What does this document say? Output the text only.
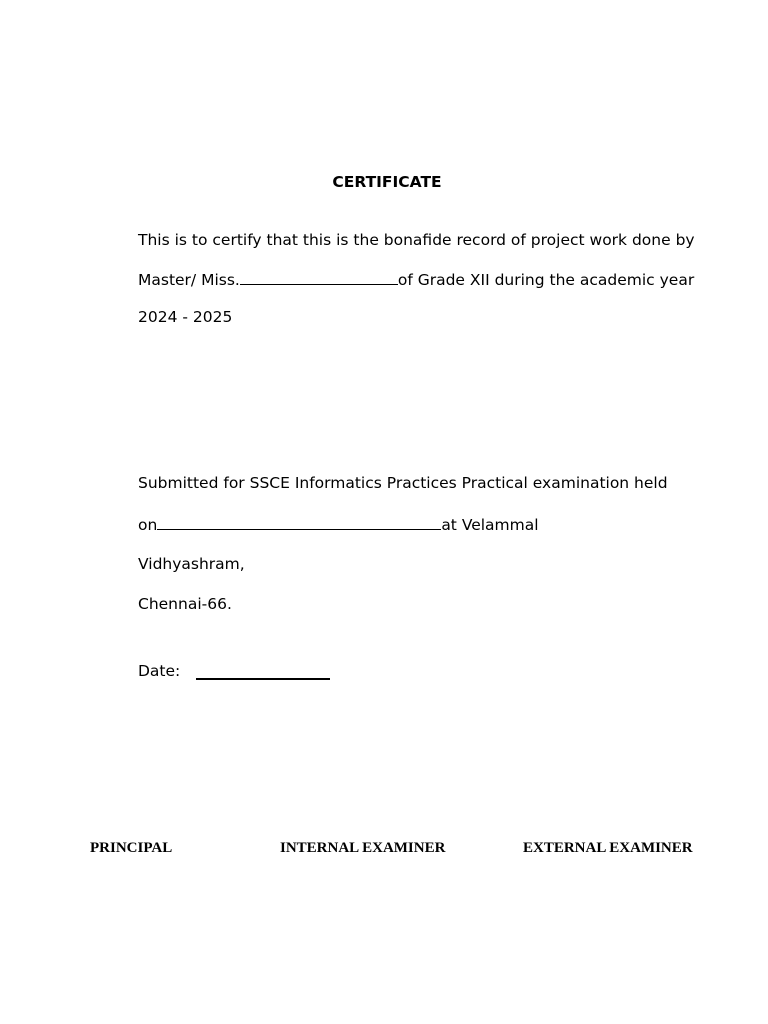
CERTIFICATE
This is to certify that this is the bonafide record of project work done by
Master/ Miss.	of Grade XII during the academic year
2024 - 2025
Submitted for SSCE Informatics Practices Practical examination held
on	at Velammal
Vidhyashram,
Chennai-66.
Date:
PRINCIPAL	INTERNAL EXAMINER	EXTERNAL EXAMINER
